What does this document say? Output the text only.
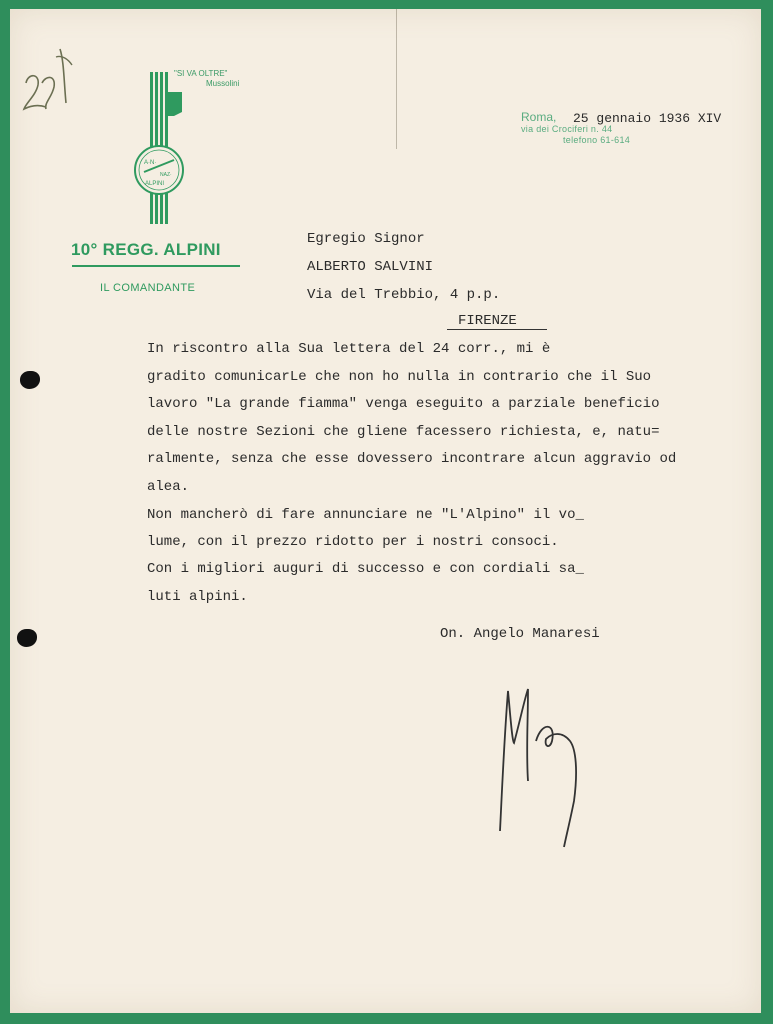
"SI VA OLTRE"
Mussolini
A·N·
NAZ·
ALPINI
10° REGG. ALPINI
IL COMANDANTE
Roma, 25 gennaio 1936 XIV
via dei Crociferi n. 44
telefono 61-614
Egregio Signor
ALBERTO SALVINI
Via del Trebbio, 4 p.p.
FIRENZE
In riscontro alla Sua lettera del 24 corr., mi è
gradito comunicarLe che non ho nulla in contrario che il Suo
lavoro "La grande fiamma" venga eseguito a parziale beneficio
delle nostre Sezioni che gliene facessero richiesta, e, natu=
ralmente, senza che esse dovessero incontrare alcun aggravio od
alea.
Non mancherò di fare annunciare ne "L'Alpino" il vo_
lume, con il prezzo ridotto per i nostri consoci.
Con i migliori auguri di successo e con cordiali sa_
luti alpini.
On. Angelo Manaresi
